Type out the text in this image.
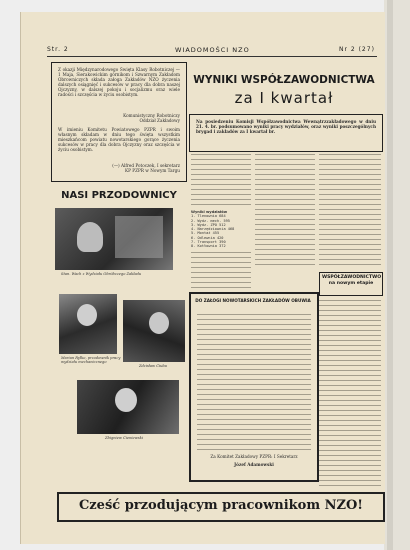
Str. 2	WIADOMOŚCI NZO	Nr 2 (27)
Z okazji Międzynarodowego Święta Klasy Robotniczej — 1 Maja, Sierakowickim górnikom i Szwarnym Zakładom Obrowniczych składa załoga Zakładów NZO życzenia dalszych osiągnięć i sukcesów w pracy dla dobra naszej Ojczyzny, w dalszej pokoju i socjalizmu oraz wiele radości i szczęścia w życiu osobistym.
Komunistyczny Robotniczy Oddział Zakładowy
W imieniu Komitetu Powiatowego PZPR i swoim własnym składam w dniu tego święta wszystkim mieszkańcom powiatu nowotarskiego gorące życzenia sukcesów w pracy dla dobra Ojczyzny oraz szczęścia w życiu osobistym.
(—) Alfred Potoczek, I sekretarz KP PZPR w Nowym Targu
WYNIKI WSPÓŁZAWODNICTWA
za I kwartał
Na posiedzeniu Komisji Współzawodnictwa Wewnątrzzakładowego w dniu 21. 4. br. podsumowano wyniki pracy wydziałów, oraz wyniki poszczególnych brygad i zakładów za I kwartał br.
Wyniki wydziałów
1. Tlenownia 684
2. Wydz. mech. 595
3. Wydz. ZPO 512
4. Narzędziownia 468
5. Montaż 455
6. Odlewnia 420
7. Transport 390
8. Kotłownia 372
NASI PRZODOWNICY
Stan. Wach z Wydziału Obróbczego Zakładu
Marian Ryłko, przodownik pracy wydziału mechanicznego
Zdzisław Ciuba
Zbigniew Cieniewski
DO ZAŁOGI NOWOTARSKICH ZAKŁADÓW OBUWIA
Za Komitet Zakładowy PZPR: I Sekretarz
Józef Adamowski
WSPÓŁZAWODNICTWO na nowym etapie
Cześć przodującym pracownikom NZO!
